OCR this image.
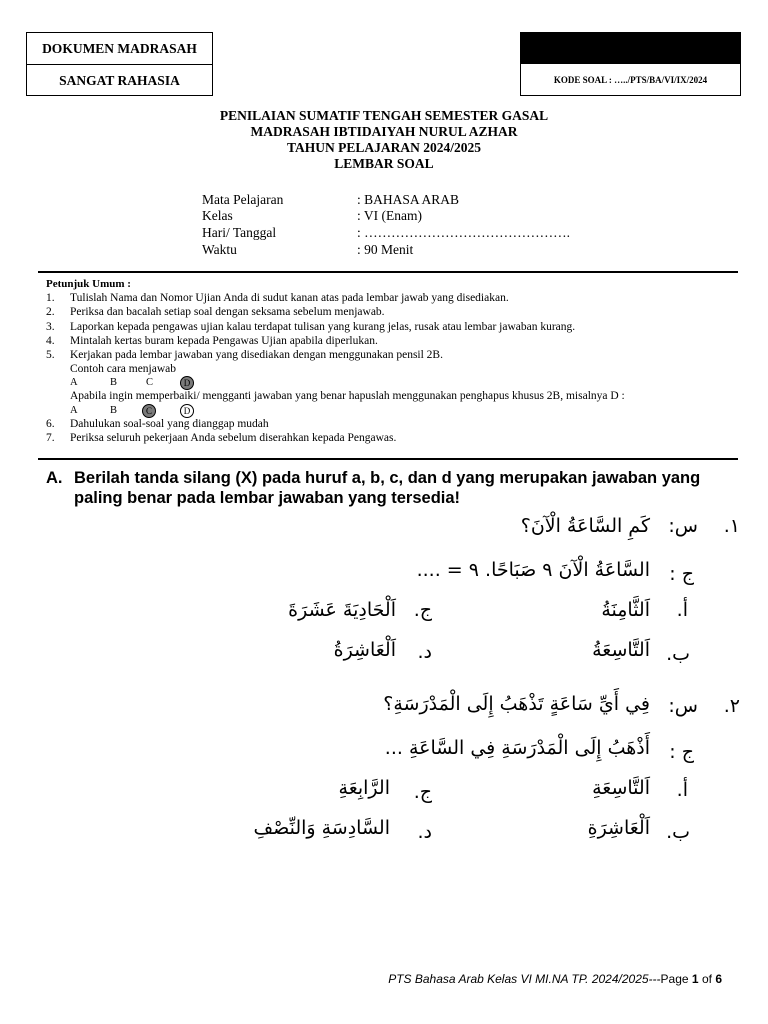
DOKUMEN MADRASAH
SANGAT RAHASIA	KODE SOAL : …../PTS/BA/VI/IX/2024
PENILAIAN SUMATIF TENGAH SEMESTER GASAL
MADRASAH IBTIDAIYAH NURUL AZHAR
TAHUN PELAJARAN 2024/2025
LEMBAR SOAL
Mata Pelajaran	: BAHASA ARAB
Kelas	: VI (Enam)
Hari/ Tanggal	: ……………………………………….
Waktu	: 90 Menit
Petunjuk Umum :
1. Tulislah Nama dan Nomor Ujian Anda di sudut kanan atas pada lembar jawab yang disediakan.
2. Periksa dan bacalah setiap soal dengan seksama sebelum menjawab.
3. Laporkan kepada pengawas ujian kalau terdapat tulisan yang kurang jelas, rusak atau lembar jawaban kurang.
4. Mintalah kertas buram kepada Pengawas Ujian apabila diperlukan.
5. Kerjakan pada lembar jawaban yang disediakan dengan menggunakan pensil 2B.
Contoh cara menjawab
A	B	C	D
Apabila ingin memperbaiki/ mengganti jawaban yang benar hapuslah menggunakan penghapus khusus 2B, misalnya D :
A	B	C	D
6. Dahulukan soal-soal yang dianggap mudah
7. Periksa seluruh pekerjaan Anda sebelum diserahkan kepada Pengawas.
A. Berilah tanda silang (X) pada huruf a, b, c, dan d yang merupakan jawaban yang paling benar pada lembar jawaban yang tersedia!
١.
س:
كَمِ السَّاعَةُ الْآنَ؟
ج :
السَّاعَةُ الْآنَ ٩ صَبَاحًا. ٩ = ....
أ.
اَلثَّامِنَةُ
ج.
اَلْحَادِيَةَ عَشَرَةَ
ب.
اَلتَّاسِعَةُ
د.
اَلْعَاشِرَةُ
٢.
س:
فِي أَيِّ سَاعَةٍ تَذْهَبُ إِلَى الْمَدْرَسَةِ؟
ج :
أَذْهَبُ إِلَى الْمَدْرَسَةِ فِي السَّاعَةِ ...
أ.
اَلتَّاسِعَةِ
ج.
الرَّابِعَةِ
ب.
اَلْعَاشِرَةِ
د.
السَّادِسَةِ وَالنِّصْفِ
PTS Bahasa Arab Kelas VI MI.NA TP. 2024/2025---Page 1 of 6
